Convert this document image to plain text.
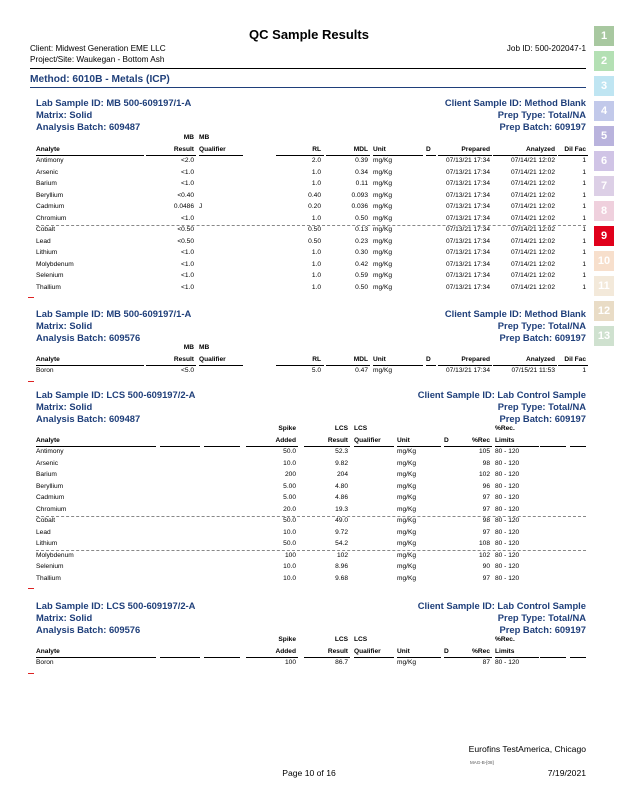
QC Sample Results
Client: Midwest Generation EME LLC
Project/Site: Waukegan - Bottom Ash
Job ID: 500-202047-1
Method: 6010B - Metals (ICP)
1
2
3
4
5
6
7
8
9
10
11
12
13
Lab Sample ID: MB 500-609197/1-A
Matrix: Solid
Analysis Batch: 609487
Client Sample ID: Method Blank
Prep Type: Total/NA
Prep Batch: 609197
MB MB
Analyte	Result Qualifier	RL	MDL Unit	D	Prepared	Analyzed	Dil Fac
Antimony	<2.0	2.0	0.39 mg/Kg	07/13/21 17:34	07/14/21 12:02	1
Arsenic	<1.0	1.0	0.34 mg/Kg	07/13/21 17:34	07/14/21 12:02	1
Barium	<1.0	1.0	0.11 mg/Kg	07/13/21 17:34	07/14/21 12:02	1
Beryllium	<0.40	0.40	0.093 mg/Kg	07/13/21 17:34	07/14/21 12:02	1
Cadmium	0.0486 J	0.20	0.036 mg/Kg	07/13/21 17:34	07/14/21 12:02	1
Chromium	<1.0	1.0	0.50 mg/Kg	07/13/21 17:34	07/14/21 12:02	1
Cobalt	<0.50	0.50	0.13 mg/Kg	07/13/21 17:34	07/14/21 12:02	1
Lead	<0.50	0.50	0.23 mg/Kg	07/13/21 17:34	07/14/21 12:02	1
Lithium	<1.0	1.0	0.30 mg/Kg	07/13/21 17:34	07/14/21 12:02	1
Molybdenum	<1.0	1.0	0.42 mg/Kg	07/13/21 17:34	07/14/21 12:02	1
Selenium	<1.0	1.0	0.59 mg/Kg	07/13/21 17:34	07/14/21 12:02	1
Thallium	<1.0	1.0	0.50 mg/Kg	07/13/21 17:34	07/14/21 12:02	1
Lab Sample ID: MB 500-609197/1-A
Matrix: Solid
Analysis Batch: 609576
Client Sample ID: Method Blank
Prep Type: Total/NA
Prep Batch: 609197
MB MB
Analyte	Result Qualifier	RL	MDL Unit	D	Prepared	Analyzed	Dil Fac
Boron	<5.0	5.0	0.47 mg/Kg	07/13/21 17:34	07/15/21 11:53	1
Lab Sample ID: LCS 500-609197/2-A
Matrix: Solid
Analysis Batch: 609487
Client Sample ID: Lab Control Sample
Prep Type: Total/NA
Prep Batch: 609197
Spike	LCS LCS	%Rec.
Analyte	Added	Result Qualifier	Unit	D	%Rec Limits
Antimony	50.0	52.3	mg/Kg	105 80 - 120
Arsenic	10.0	9.82	mg/Kg	98 80 - 120
Barium	200	204	mg/Kg	102 80 - 120
Beryllium	5.00	4.80	mg/Kg	96 80 - 120
Cadmium	5.00	4.86	mg/Kg	97 80 - 120
Chromium	20.0	19.3	mg/Kg	97 80 - 120
Cobalt	50.0	49.0	mg/Kg	98 80 - 120
Lead	10.0	9.72	mg/Kg	97 80 - 120
Lithium	50.0	54.2	mg/Kg	108 80 - 120
Molybdenum	100	102	mg/Kg	102 80 - 120
Selenium	10.0	8.96	mg/Kg	90 80 - 120
Thallium	10.0	9.68	mg/Kg	97 80 - 120
Lab Sample ID: LCS 500-609197/2-A
Matrix: Solid
Analysis Batch: 609576
Client Sample ID: Lab Control Sample
Prep Type: Total/NA
Prep Batch: 609197
Spike	LCS LCS	%Rec.
Analyte	Added	Result Qualifier	Unit	D	%Rec Limits
Boron	100	86.7	mg/Kg	87 80 - 120
Eurofins TestAmerica, Chicago
Page 10 of 16	7/19/2021
MAG-B-[08]
